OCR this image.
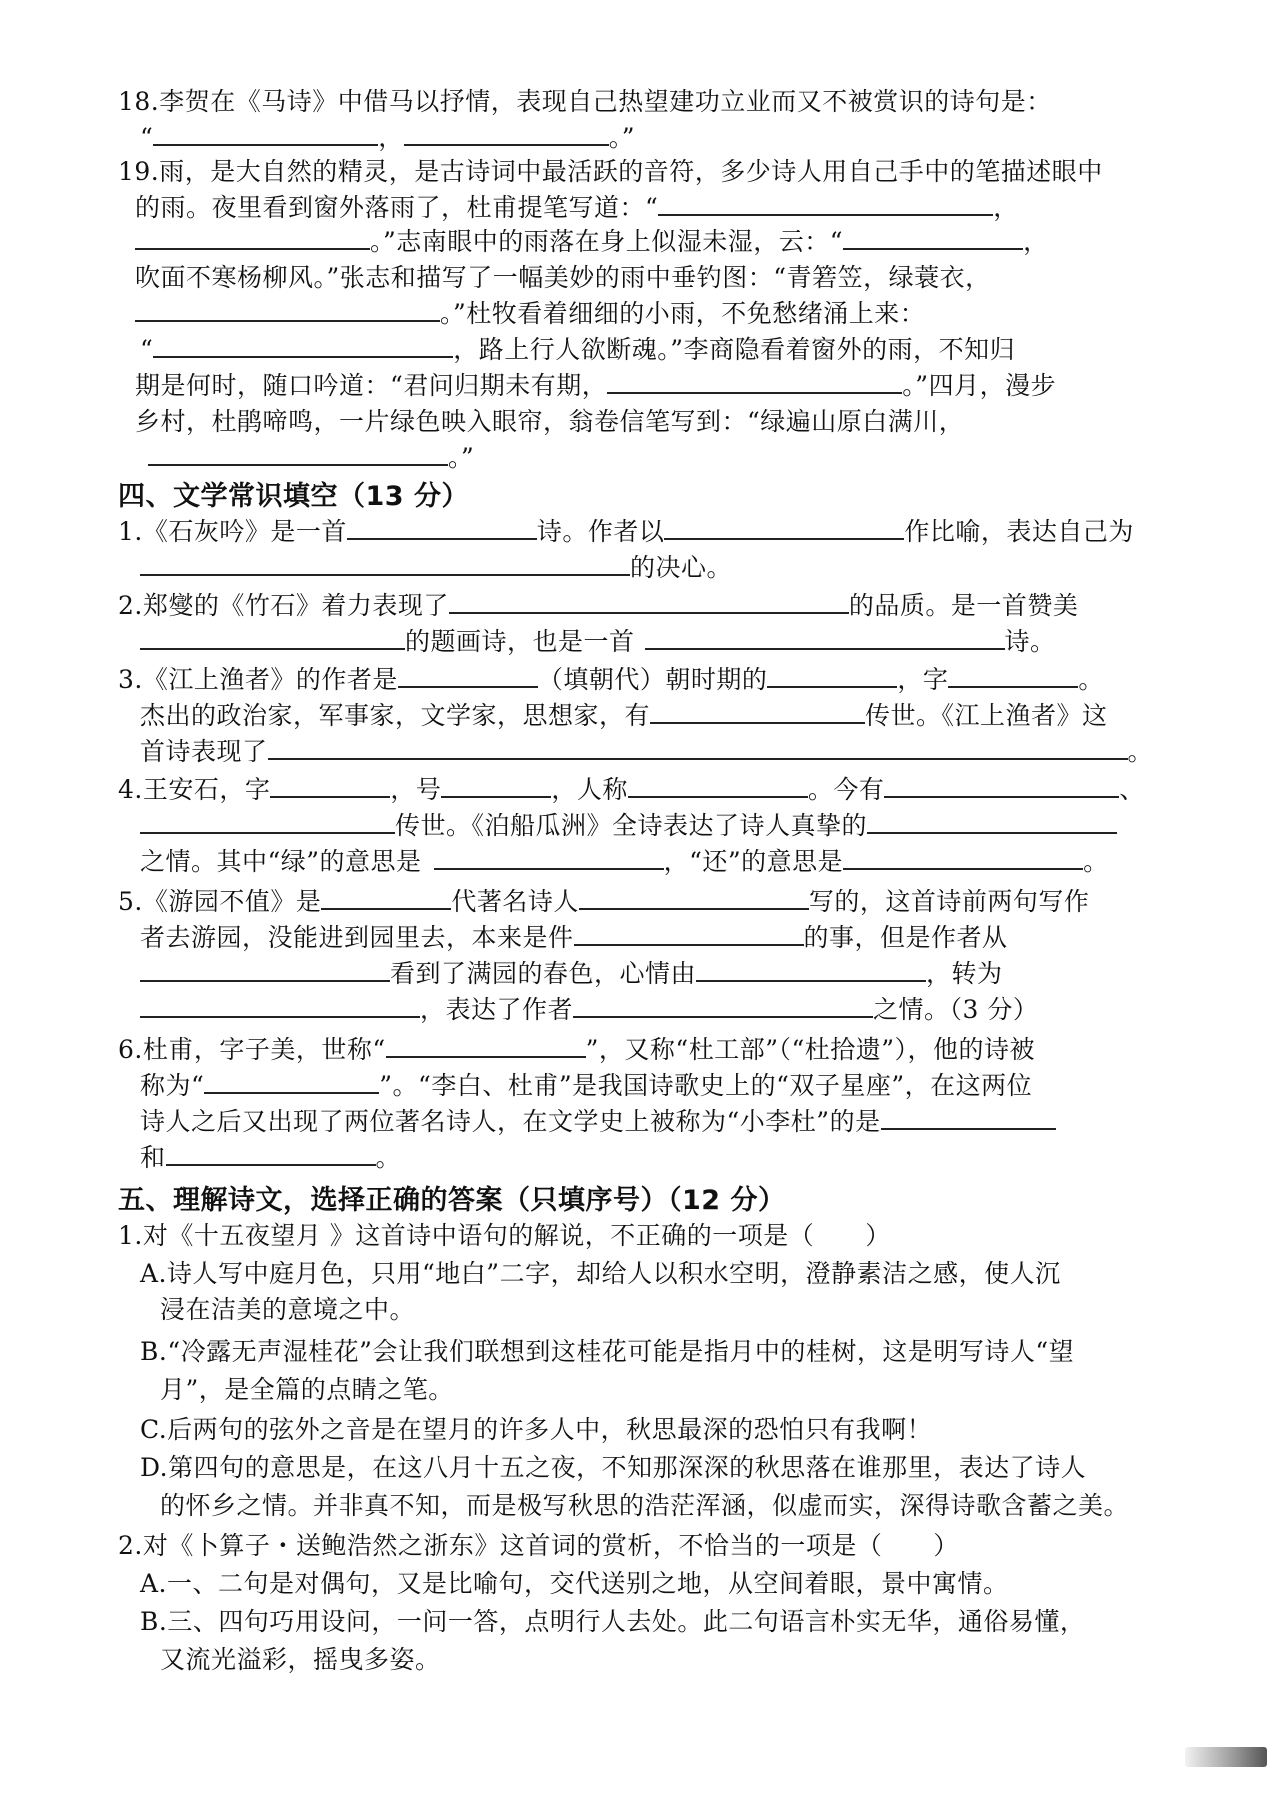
18.李贺在《马诗》中借马以抒情，表现自己热望建功立业而又不被赏识的诗句是：
“	，	。”
19.雨，是大自然的精灵，是古诗词中最活跃的音符，多少诗人用自己手中的笔描述眼中
的雨。夜里看到窗外落雨了，杜甫提笔写道：“	，
。”志南眼中的雨落在身上似湿未湿，云：“	，
吹面不寒杨柳风。”张志和描写了一幅美妙的雨中垂钓图：“青箬笠，绿蓑衣，
。”杜牧看着细细的小雨，不免愁绪涌上来：
“	，路上行人欲断魂。”李商隐看着窗外的雨，不知归
期是何时，随口吟道：“君问归期未有期，	。”四月，漫步
乡村，杜鹃啼鸣，一片绿色映入眼帘，翁卷信笔写到：“绿遍山原白满川，
。”
四、文学常识填空（13 分）
1.《石灰吟》是一首	诗。作者以	作比喻，表达自己为
的决心。
2.郑燮的《竹石》着力表现了	的品质。是一首赞美
的题画诗，也是一首	诗。
3.《江上渔者》的作者是	（填朝代）朝时期的	，字	。
杰出的政治家，军事家，文学家，思想家，有	传世。《江上渔者》这
首诗表现了	。
4.王安石，字	，号	，人称	。今有	、
传世。《泊船瓜洲》全诗表达了诗人真挚的
之情。其中“绿”的意思是	，“还”的意思是	。
5.《游园不值》是	代著名诗人	写的，这首诗前两句写作
者去游园，没能进到园里去，本来是件	的事，但是作者从
看到了满园的春色，心情由	，转为
，表达了作者	之情。（3 分）
6.杜甫，字子美，世称“	”，又称“杜工部”（“杜拾遗”），他的诗被
称为“	”。“李白、杜甫”是我国诗歌史上的“双子星座”，在这两位
诗人之后又出现了两位著名诗人，在文学史上被称为“小李杜”的是
和	。
五、理解诗文，选择正确的答案（只填序号）（12 分）
1.对《十五夜望月 》这首诗中语句的解说，不正确的一项是（　　）
A.诗人写中庭月色，只用“地白”二字，却给人以积水空明，澄静素洁之感，使人沉
浸在洁美的意境之中。
B.“冷露无声湿桂花”会让我们联想到这桂花可能是指月中的桂树，这是明写诗人“望
月”，是全篇的点睛之笔。
C.后两句的弦外之音是在望月的许多人中，秋思最深的恐怕只有我啊！
D.第四句的意思是，在这八月十五之夜，不知那深深的秋思落在谁那里，表达了诗人
的怀乡之情。并非真不知，而是极写秋思的浩茫浑涵，似虚而实，深得诗歌含蓄之美。
2.对《卜算子・送鲍浩然之浙东》这首词的赏析，不恰当的一项是（　　）
A.一、二句是对偶句，又是比喻句，交代送别之地，从空间着眼，景中寓情。
B.三、四句巧用设问，一问一答，点明行人去处。此二句语言朴实无华，通俗易懂，
又流光溢彩，摇曳多姿。
